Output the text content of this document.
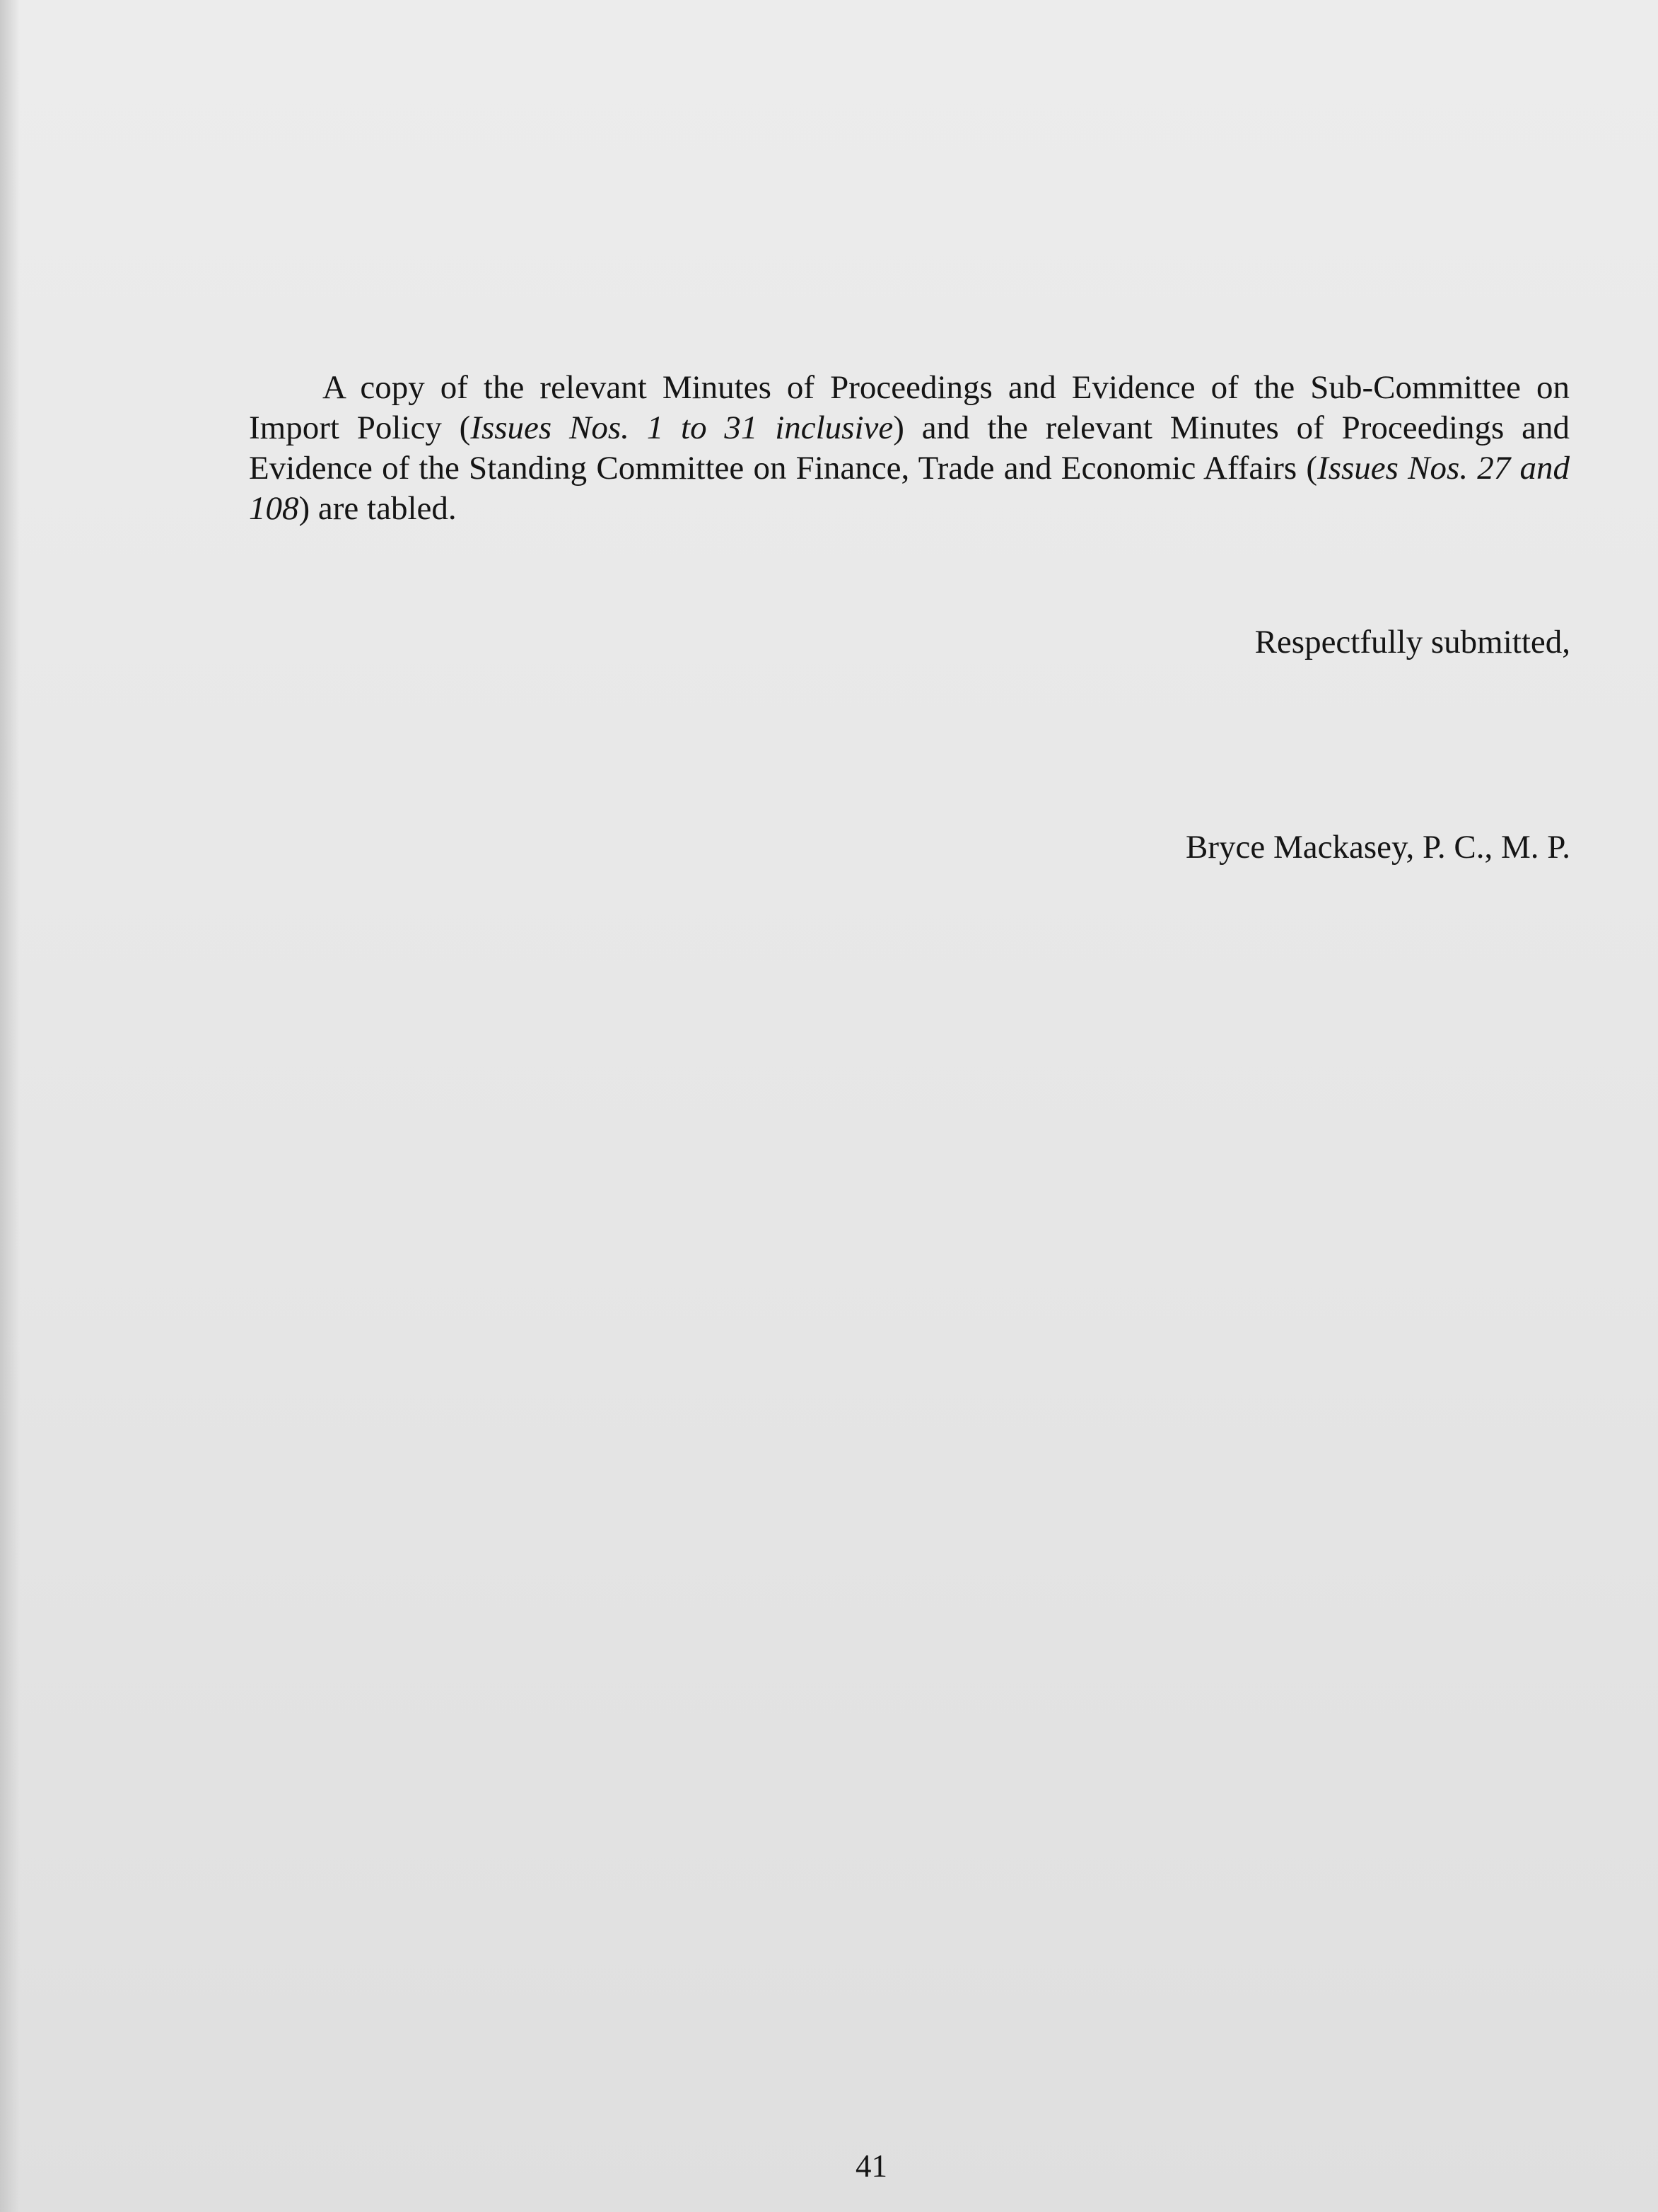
A copy of the relevant Minutes of Proceedings and Evidence of the Sub-Committee on Import Policy (Issues Nos. 1 to 31 inclusive) and the relevant Minutes of Proceedings and Evidence of the Standing Committee on Finance, Trade and Economic Affairs (Issues Nos. 27 and 108) are tabled.

Respectfully submitted,

Bryce Mackasey, P. C., M. P.

41
